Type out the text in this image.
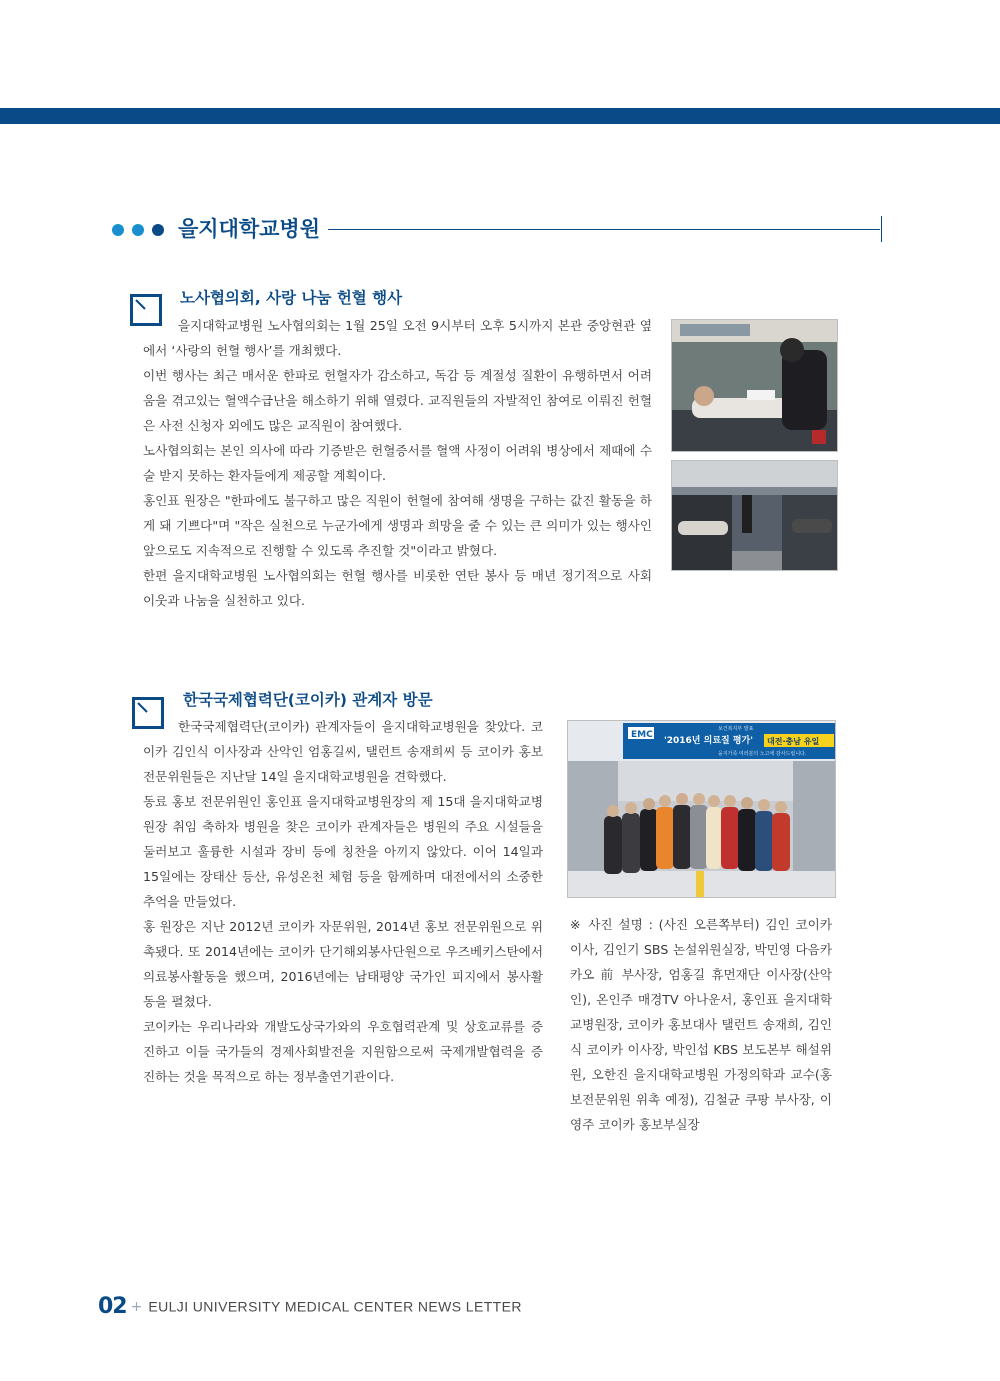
을지대학교병원
노사협의회, 사랑 나눔 헌혈 행사

을지대학교병원 노사협의회는 1월 25일 오전 9시부터 오후 5시까지 본관 중앙현관 옆에서 ‘사랑의 헌혈 행사’를 개최했다.

이번 행사는 최근 매서운 한파로 헌혈자가 감소하고, 독감 등 계절성 질환이 유행하면서 어려움을 겪고있는 혈액수급난을 해소하기 위해 열렸다. 교직원들의 자발적인 참여로 이뤄진 헌혈은 사전 신청자 외에도 많은 교직원이 참여했다.

노사협의회는 본인 의사에 따라 기증받은 헌혈증서를 혈액 사정이 어려워 병상에서 제때에 수술 받지 못하는 환자들에게 제공할 계획이다.

홍인표 원장은 "한파에도 불구하고 많은 직원이 헌혈에 참여해 생명을 구하는 값진 활동을 하게 돼 기쁘다"며 "작은 실천으로 누군가에게 생명과 희망을 줄 수 있는 큰 의미가 있는 행사인 앞으로도 지속적으로 진행할 수 있도록 추진할 것"이라고 밝혔다.

한편 을지대학교병원 노사협의회는 헌혈 행사를 비롯한 연탄 봉사 등 매년 정기적으로 사회 이웃과 나눔을 실천하고 있다.

한국국제협력단(코이카) 관계자 방문

한국국제협력단(코이카) 관계자들이 을지대학교병원을 찾았다. 코이카 김인식 이사장과 산악인 엄홍길씨, 탤런트 송재희씨 등 코이카 홍보 전문위원들은 지난달 14일 을지대학교병원을 견학했다.

동료 홍보 전문위원인 홍인표 을지대학교병원장의 제 15대 을지대학교병원장 취임 축하차 병원을 찾은 코이카 관계자들은 병원의 주요 시설들을 둘러보고 훌륭한 시설과 장비 등에 칭찬을 아끼지 않았다. 이어 14일과 15일에는 장태산 등산, 유성온천 체험 등을 함께하며 대전에서의 소중한 추억을 만들었다.

홍 원장은 지난 2012년 코이카 자문위원, 2014년 홍보 전문위원으로 위촉됐다. 또 2014년에는 코이카 단기해외봉사단원으로 우즈베키스탄에서 의료봉사활동을 했으며, 2016년에는 남태평양 국가인 피지에서 봉사활동을 펼쳤다.

코이카는 우리나라와 개발도상국가와의 우호협력관계 및 상호교류를 증진하고 이들 국가들의 경제사회발전을 지원함으로써 국제개발협력을 증진하는 것을 목적으로 하는 정부출연기관이다.

EMC
보건복지부 발표
'2016년 의료질 평가' 대전·충남 유일
을지가족 여러분의 노고에 감사드립니다.
※ 사진 설명 : (사진 오른쪽부터) 김인 코이카 이사, 김인기 SBS 논설위원실장, 박민영 다음카카오 前 부사장, 엄홍길 휴먼재단 이사장(산악인), 온인주 매경TV 아나운서, 홍인표 을지대학교병원장, 코이카 홍보대사 탤런트 송재희, 김인식 코이카 이사장, 박인섭 KBS 보도본부 해설위원, 오한진 을지대학교병원 가정의학과 교수(홍보전문위원 위촉 예정), 김철균 쿠팡 부사장, 이영주 코이카 홍보부실장
02 + EULJI UNIVERSITY MEDICAL CENTER NEWS LETTER
